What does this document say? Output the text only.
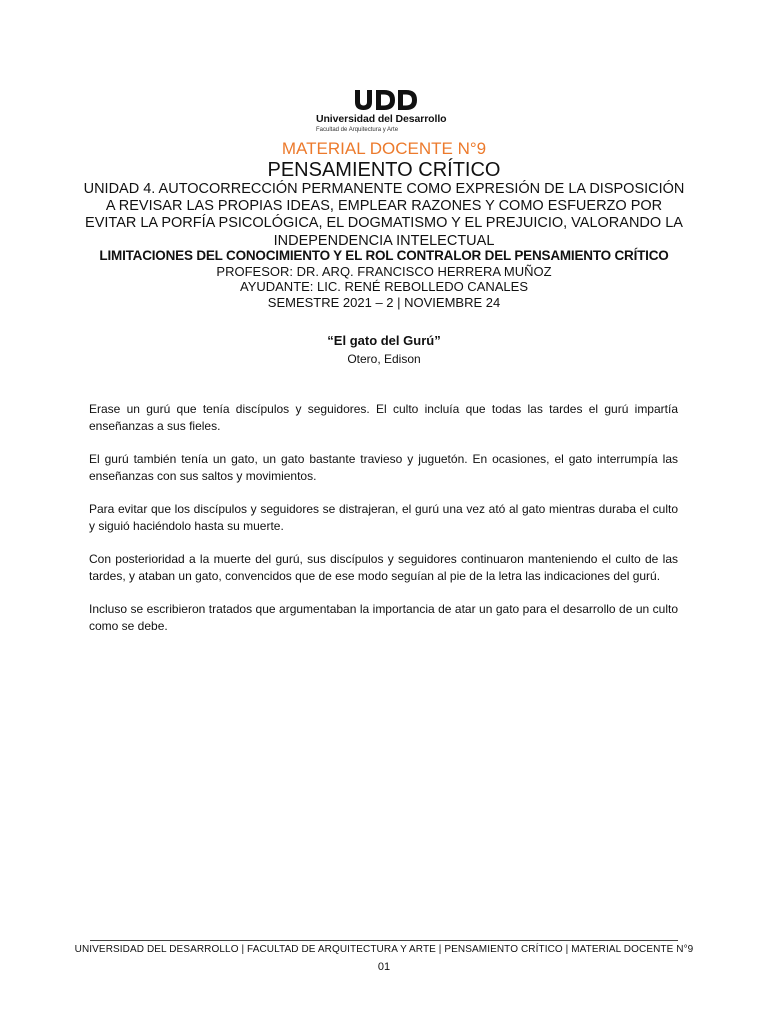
Universidad del Desarrollo
Facultad de Arquitectura y Arte
MATERIAL DOCENTE N°9
PENSAMIENTO CRÍTICO
UNIDAD 4. AUTOCORRECCIÓN PERMANENTE COMO EXPRESIÓN DE LA DISPOSICIÓN A REVISAR LAS PROPIAS IDEAS, EMPLEAR RAZONES Y COMO ESFUERZO POR EVITAR LA PORFÍA PSICOLÓGICA, EL DOGMATISMO Y EL PREJUICIO, VALORANDO LA INDEPENDENCIA INTELECTUAL
LIMITACIONES DEL CONOCIMIENTO Y EL ROL CONTRALOR DEL PENSAMIENTO CRÍTICO
PROFESOR: DR. ARQ. FRANCISCO HERRERA MUÑOZ
AYUDANTE: LIC. RENÉ REBOLLEDO CANALES
SEMESTRE 2021 – 2 | NOVIEMBRE 24
“El gato del Gurú”
Otero, Edison

Erase un gurú que tenía discípulos y seguidores. El culto incluía que todas las tardes el gurú impartía enseñanzas a sus fieles.

El gurú también tenía un gato, un gato bastante travieso y juguetón. En ocasiones, el gato interrumpía las enseñanzas con sus saltos y movimientos.

Para evitar que los discípulos y seguidores se distrajeran, el gurú una vez ató al gato mientras duraba el culto y siguió haciéndolo hasta su muerte.

Con posterioridad a la muerte del gurú, sus discípulos y seguidores continuaron manteniendo el culto de las tardes, y ataban un gato, convencidos que de ese modo seguían al pie de la letra las indicaciones del gurú.

Incluso se escribieron tratados que argumentaban la importancia de atar un gato para el desarrollo de un culto como se debe.

UNIVERSIDAD DEL DESARROLLO | FACULTAD DE ARQUITECTURA Y ARTE | PENSAMIENTO CRÍTICO | MATERIAL DOCENTE N°9
01
